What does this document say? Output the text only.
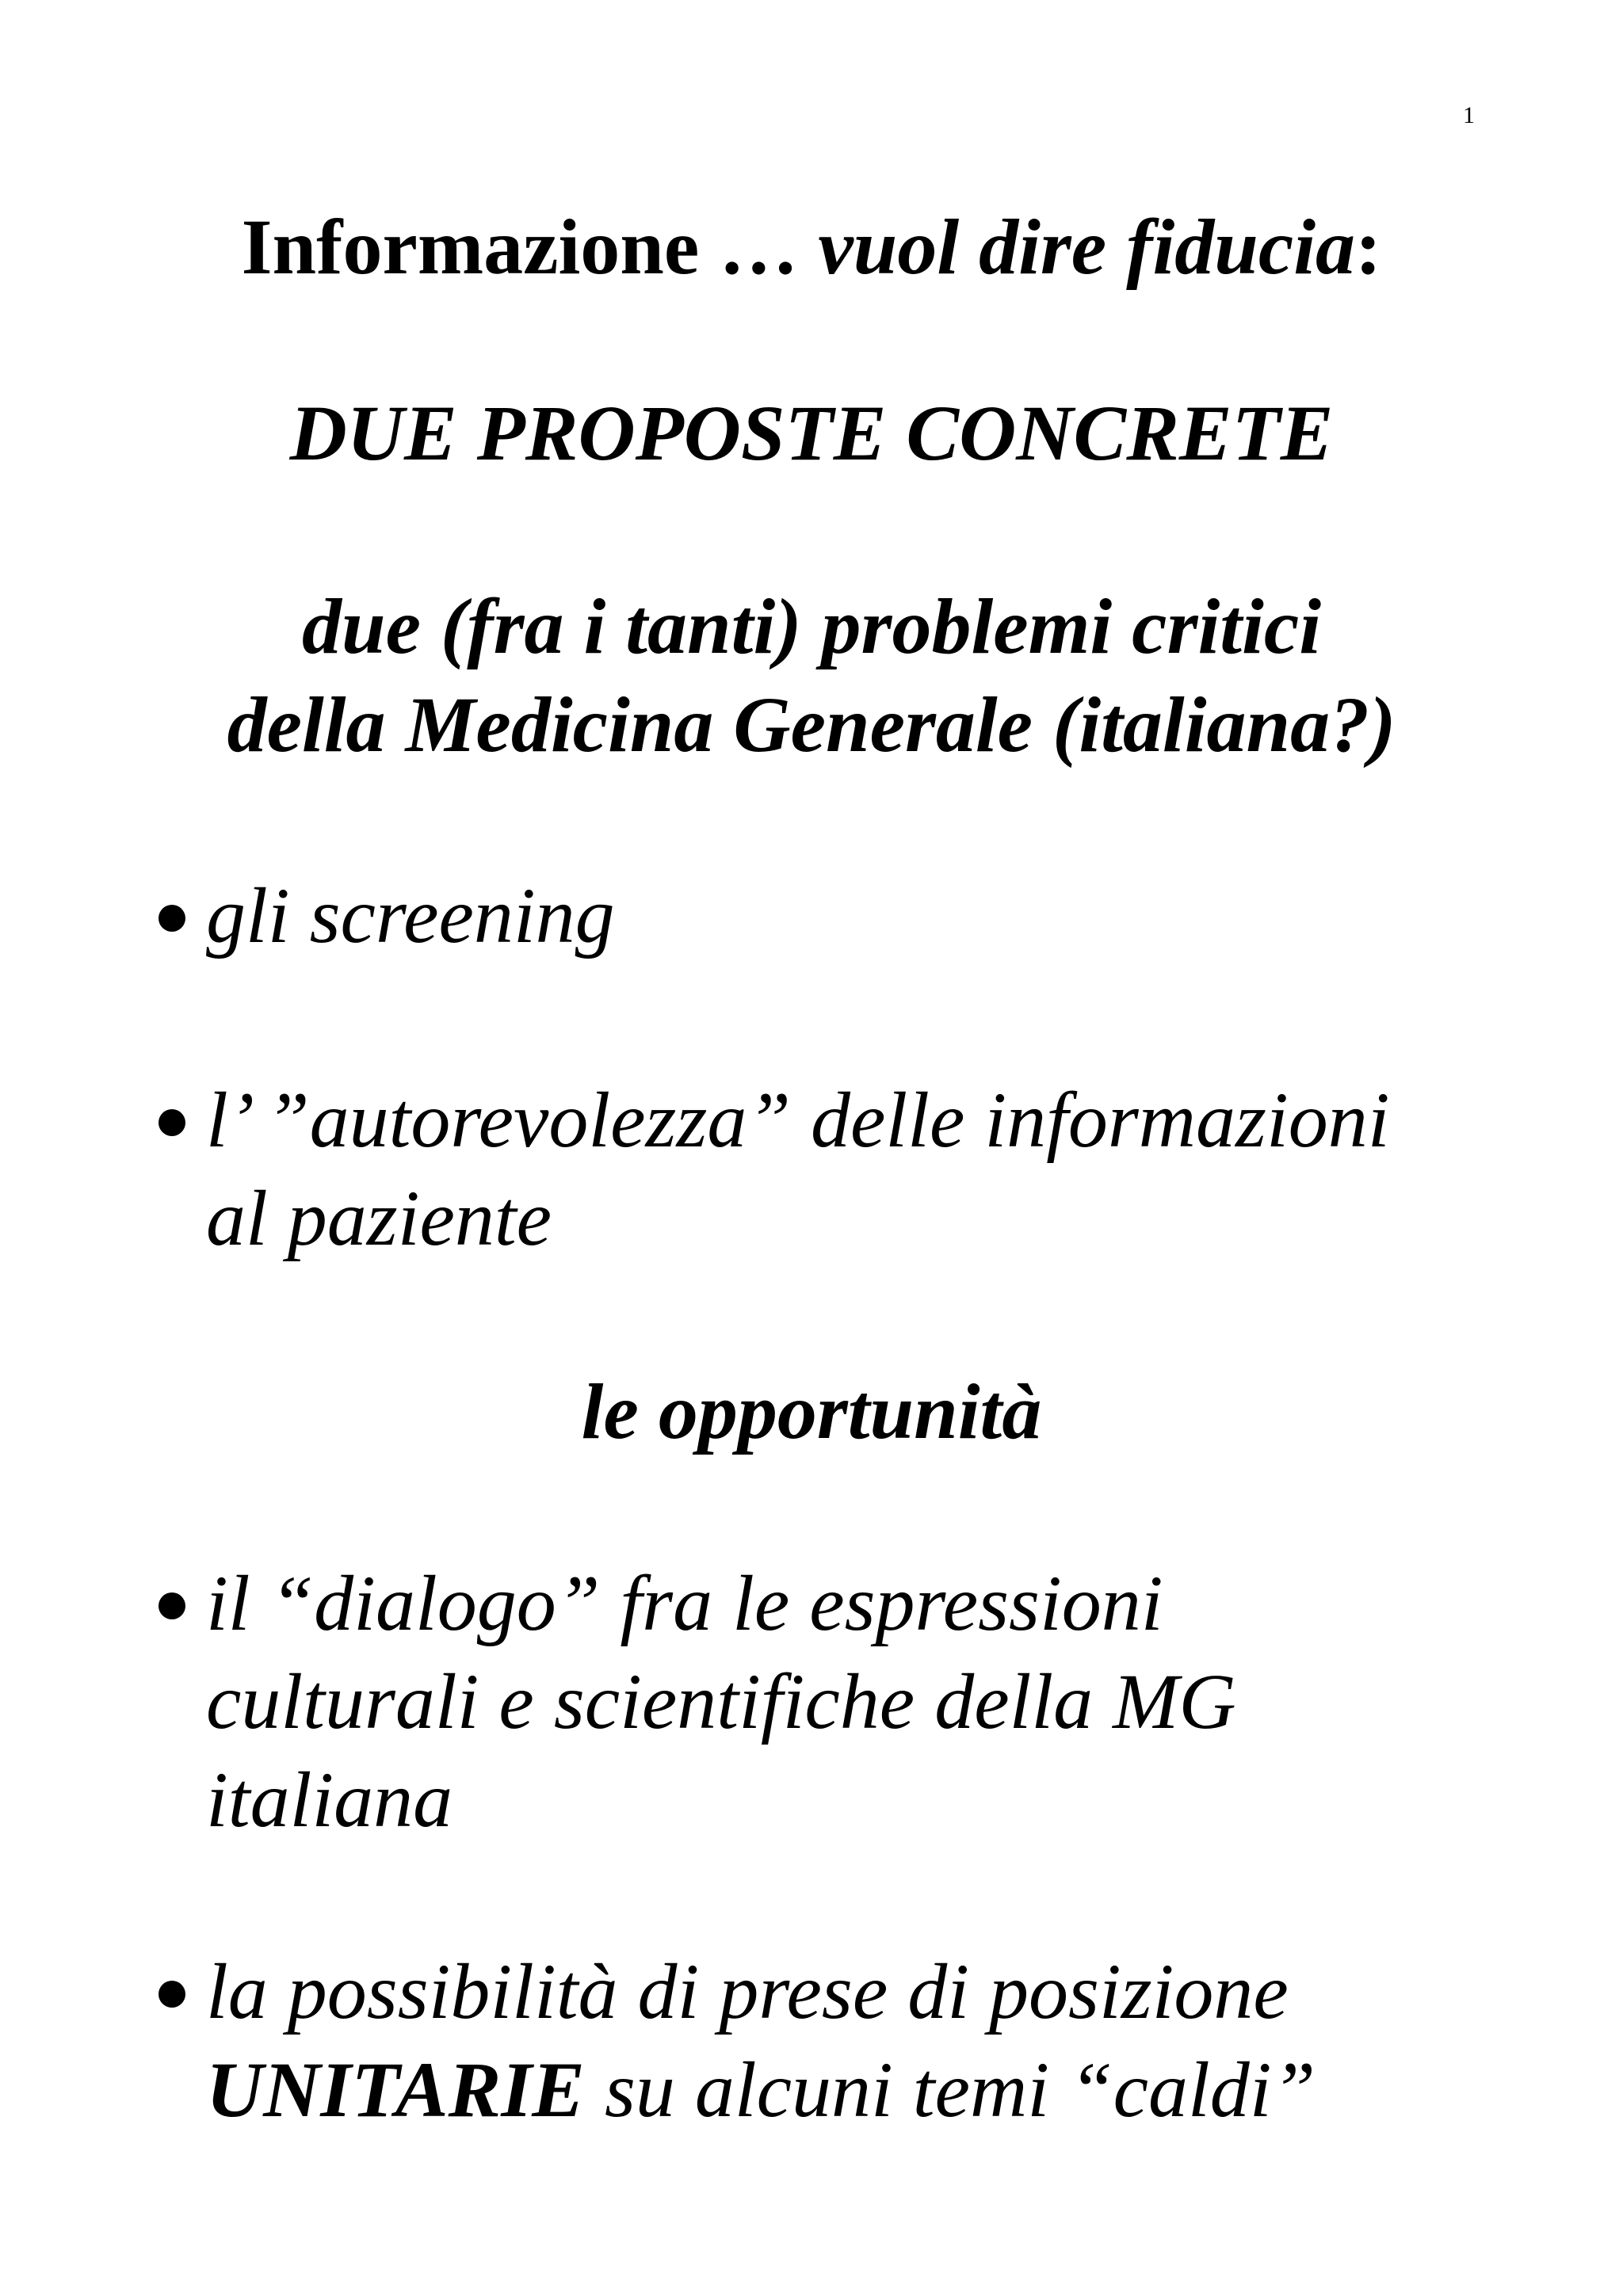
1
Informazione … vuol dire fiducia:
DUE PROPOSTE CONCRETE
due (fra i tanti) problemi critici
della Medicina Generale (italiana?)
gli screening
l’ ”autorevolezza” delle informazioni
al paziente
le opportunità
il “dialogo” fra le espressioni
culturali e scientifiche della MG
italiana
la possibilità di prese di posizione
UNITARIE su alcuni temi “caldi”
